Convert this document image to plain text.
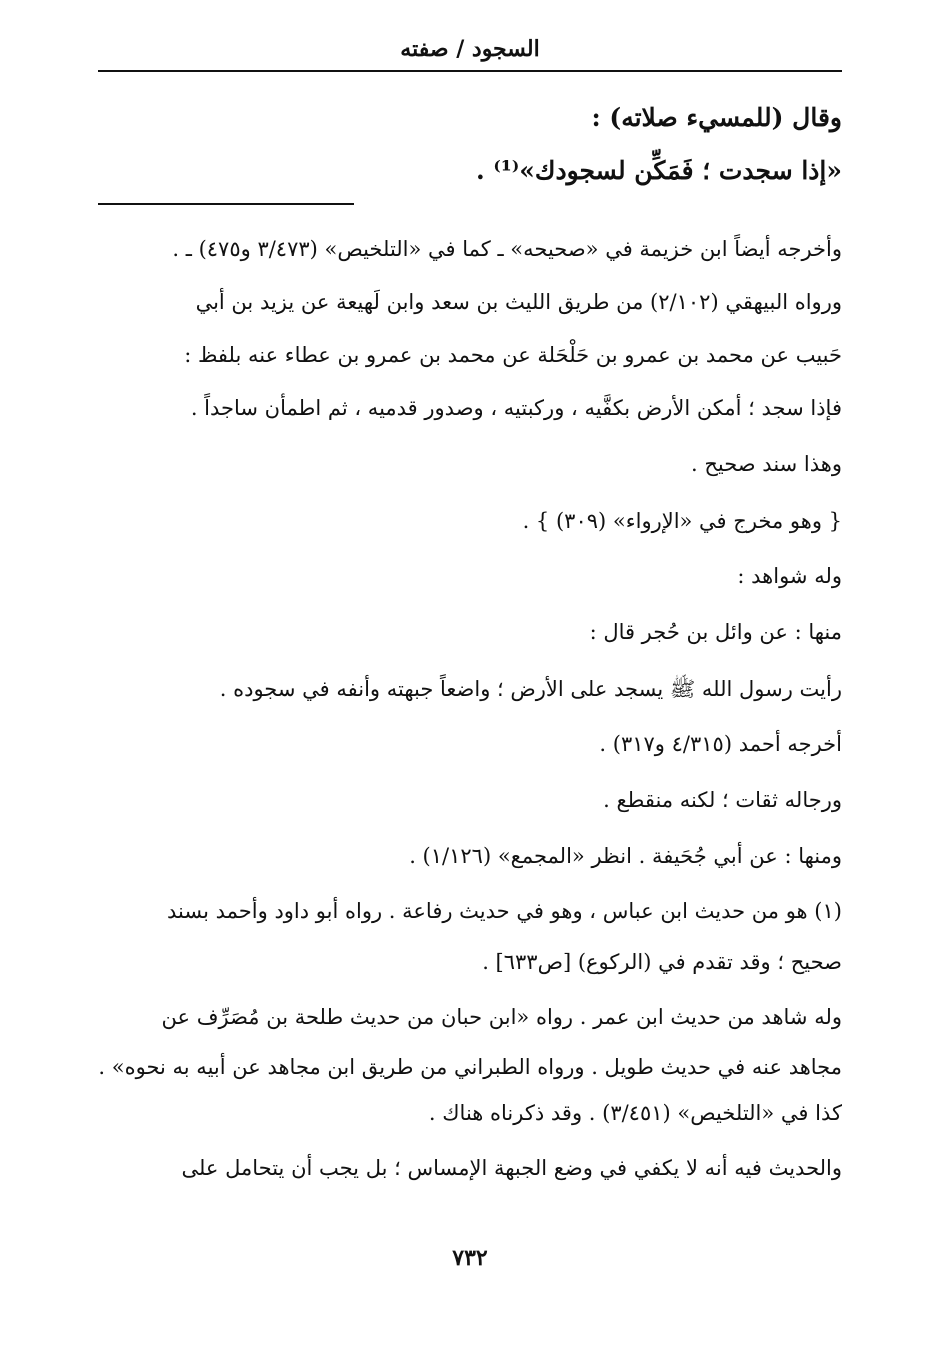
السجود / صفته
وقال (للمسيء صلاته) :
«إذا سجدت ؛ فَمَكِّن لسجودك»⁽¹⁾ .
وأخرجه أيضاً ابن خزيمة في «صحيحه» ـ كما في «التلخيص» (٣/٤٧٣ و٤٧٥) ـ .
ورواه البيهقي (٢/١٠٢) من طريق الليث بن سعد وابن لَهيعة عن يزيد بن أبي
حَبيب عن محمد بن عمرو بن حَلْحَلة عن محمد بن عمرو بن عطاء عنه بلفظ :
فإذا سجد ؛ أمكن الأرض بكفَّيه ، وركبتيه ، وصدور قدميه ، ثم اطمأن ساجداً .
وهذا سند صحيح .
{ وهو مخرج في «الإرواء» (٣٠٩) } .
وله شواهد :
منها : عن وائل بن حُجر قال :
رأيت رسول الله ﷺ يسجد على الأرض ؛ واضعاً جبهته وأنفه في سجوده .
أخرجه أحمد (٤/٣١٥ و٣١٧) .
ورجاله ثقات ؛ لكنه منقطع .
ومنها : عن أبي جُحَيفة . انظر «المجمع» (١/١٢٦) .
(١) هو من حديث ابن عباس ، وهو في حديث رفاعة . رواه أبو داود وأحمد بسند
صحيح ؛ وقد تقدم في (الركوع) [ص٦٣٣] .
وله شاهد من حديث ابن عمر . رواه «ابن حبان من حديث طلحة بن مُصَرِّف عن
مجاهد عنه في حديث طويل . ورواه الطبراني من طريق ابن مجاهد عن أبيه به نحوه» .
كذا في «التلخيص» (٣/٤٥١) . وقد ذكرناه هناك .
والحديث فيه أنه لا يكفي في وضع الجبهة الإمساس ؛ بل يجب أن يتحامل على
٧٣٢
